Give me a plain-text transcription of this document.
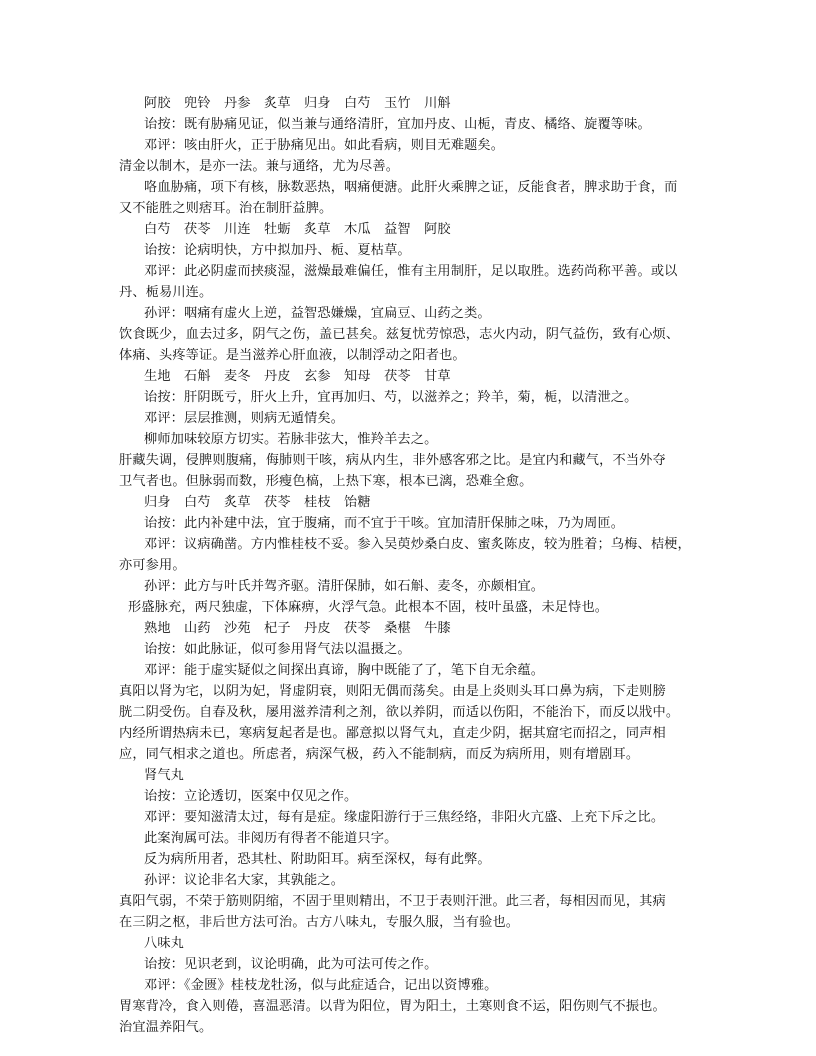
阿胶　兜铃　丹参　炙草　归身　白芍　玉竹　川斛
诒按：既有胁痛见证，似当兼与通络清肝，宜加丹皮、山栀，青皮、橘络、旋覆等味。
邓评：咳由肝火，正于胁痛见出。如此看病，则目无难题矣。
清金以制木，是亦一法。兼与通络，尤为尽善。
咯血胁痛，项下有核，脉数恶热，咽痛便溏。此肝火乘脾之证，反能食者，脾求助于食，而
又不能胜之则痞耳。治在制肝益脾。
白芍　茯苓　川连　牡蛎　炙草　木瓜　益智　阿胶
诒按：论病明快，方中拟加丹、栀、夏枯草。
邓评：此必阴虚而挟痰湿，滋燥最难偏任，惟有主用制肝，足以取胜。选药尚称平善。或以
丹、栀易川连。
孙评：咽痛有虚火上逆，益智恐嫌燥，宜扁豆、山药之类。
饮食既少，血去过多，阴气之伤，盖已甚矣。兹复忧劳惊恐，志火内动，阴气益伤，致有心烦、
体痛、头疼等证。是当滋养心肝血液，以制浮动之阳者也。
生地　石斛　麦冬　丹皮　玄参　知母　茯苓　甘草
诒按：肝阴既亏，肝火上升，宜再加归、芍，以滋养之；羚羊，菊，栀，以清泄之。
邓评：层层推测，则病无遁情矣。
柳师加味较原方切实。若脉非弦大，惟羚羊去之。
肝藏失调，侵脾则腹痛，侮肺则干咳，病从内生，非外感客邪之比。是宜内和藏气，不当外夺
卫气者也。但脉弱而数，形瘦色槁，上热下寒，根本已漓，恐难全愈。
归身　白芍　炙草　茯苓　桂枝　饴糖
诒按：此内补建中法，宜于腹痛，而不宜于干咳。宜加清肝保肺之味，乃为周匝。
邓评：议病确凿。方内惟桂枝不妥。参入吴萸炒桑白皮、蜜炙陈皮，较为胜着；乌梅、桔梗，
亦可参用。
孙评：此方与叶氏并驾齐驱。清肝保肺，如石斛、麦冬，亦颇相宜。
形盛脉充，两尺独虚，下体麻痹，火浮气急。此根本不固，枝叶虽盛，未足恃也。
熟地　山药　沙苑　杞子　丹皮　茯苓　桑椹　牛膝
诒按：如此脉证，似可参用肾气法以温摄之。
邓评：能于虚实疑似之间探出真谛，胸中既能了了，笔下自无余蕴。
真阳以肾为宅，以阴为妃，肾虚阴衰，则阳无偶而荡矣。由是上炎则头耳口鼻为病，下走则膀
胱二阴受伤。自春及秋，屡用滋养清利之剂，欲以养阴，而适以伤阳，不能治下，而反以戕中。
内经所谓热病未已，寒病复起者是也。鄙意拟以肾气丸，直走少阴，据其窟宅而招之，同声相
应，同气相求之道也。所虑者，病深气极，药入不能制病，而反为病所用，则有增剧耳。
肾气丸
诒按：立论透切，医案中仅见之作。
邓评：要知滋清太过，每有是症。缘虚阳游行于三焦经络，非阳火亢盛、上充下斥之比。
此案洵属可法。非阅历有得者不能道只字。
反为病所用者，恐其杜、附助阳耳。病至深权，每有此弊。
孙评：议论非名大家，其孰能之。
真阳气弱，不荣于筋则阴缩，不固于里则精出，不卫于表则汗泄。此三者，每相因而见，其病
在三阴之枢，非后世方法可治。古方八味丸，专服久服，当有验也。
八味丸
诒按：见识老到，议论明确，此为可法可传之作。
邓评：《金匮》桂枝龙牡汤，似与此症适合，记出以资博雅。
胃寒背冷，食入则倦，喜温恶清。以背为阳位，胃为阳土，土寒则食不运，阳伤则气不振也。
治宜温养阳气。
